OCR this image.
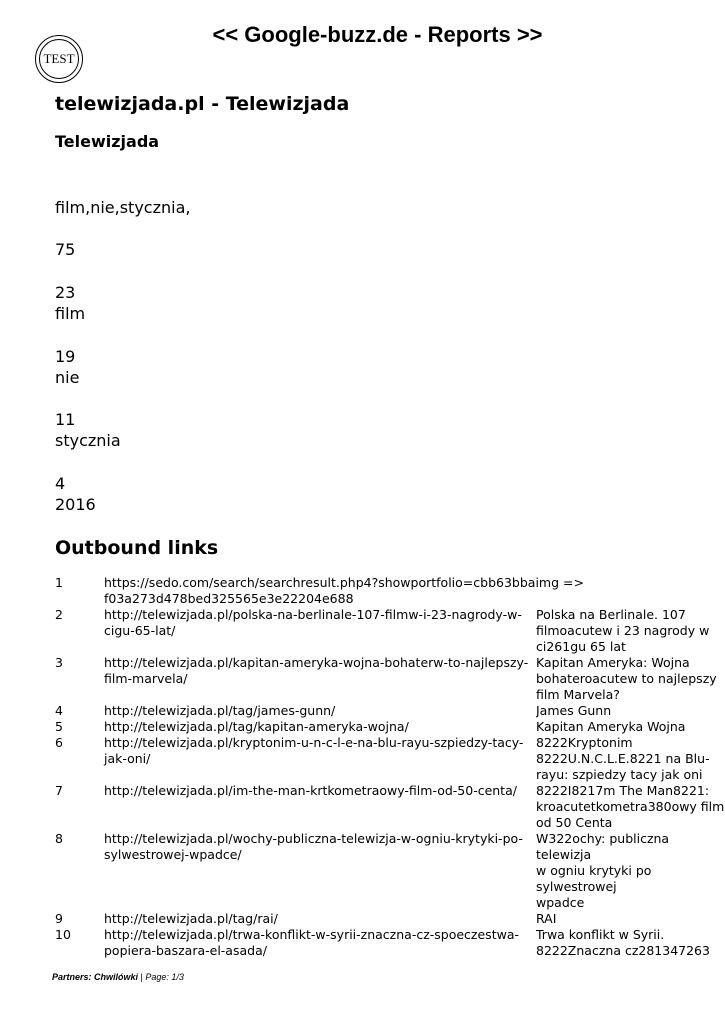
<< Google-buzz.de - Reports >>
TEST
telewizjada.pl - Telewizjada
Telewizjada
film,nie,stycznia,
75
23
film
19
nie
11
stycznia
4
2016
Outbound links
1	https://sedo.com/search/searchresult.php4?showportfolio=cbb63bbaimg => f03a273d478bed325565e3e22204e688
2	http://telewizjada.pl/polska-na-berlinale-107-filmw-i-23-nagrody-w-cigu-65-lat/
Polska na Berlinale. 107
filmoacutew i 23 nagrody w
ci261gu 65 lat
3	http://telewizjada.pl/kapitan-ameryka-wojna-bohaterw-to-najlepszy-film-marvela/
Kapitan Ameryka: Wojna
bohateroacutew to najlepszy
film Marvela?
4	http://telewizjada.pl/tag/james-gunn/	James Gunn
5	http://telewizjada.pl/tag/kapitan-ameryka-wojna/	Kapitan Ameryka Wojna
6	http://telewizjada.pl/kryptonim-u-n-c-l-e-na-blu-rayu-szpiedzy-tacy-jak-oni/
8222Kryptonim
8222U.N.C.L.E.8221 na Blu-
rayu: szpiedzy tacy jak oni
7	http://telewizjada.pl/im-the-man-krtkometraowy-film-od-50-centa/	8222I8217m The Man8221:
kroacutetkometra380owy film
od 50 Centa
8	http://telewizjada.pl/wochy-publiczna-telewizja-w-ogniu-krytyki-po-sylwestrowej-wpadce/
W322ochy: publiczna telewizja
w ogniu krytyki po sylwestrowej
wpadce
9	http://telewizjada.pl/tag/rai/	RAI
10	http://telewizjada.pl/trwa-konflikt-w-syrii-znaczna-cz-spoeczestwa-popiera-baszara-el-asada/
Trwa konflikt w Syrii.
8222Znaczna cz281347263
Partners: Chwilówki | Page: 1/3
